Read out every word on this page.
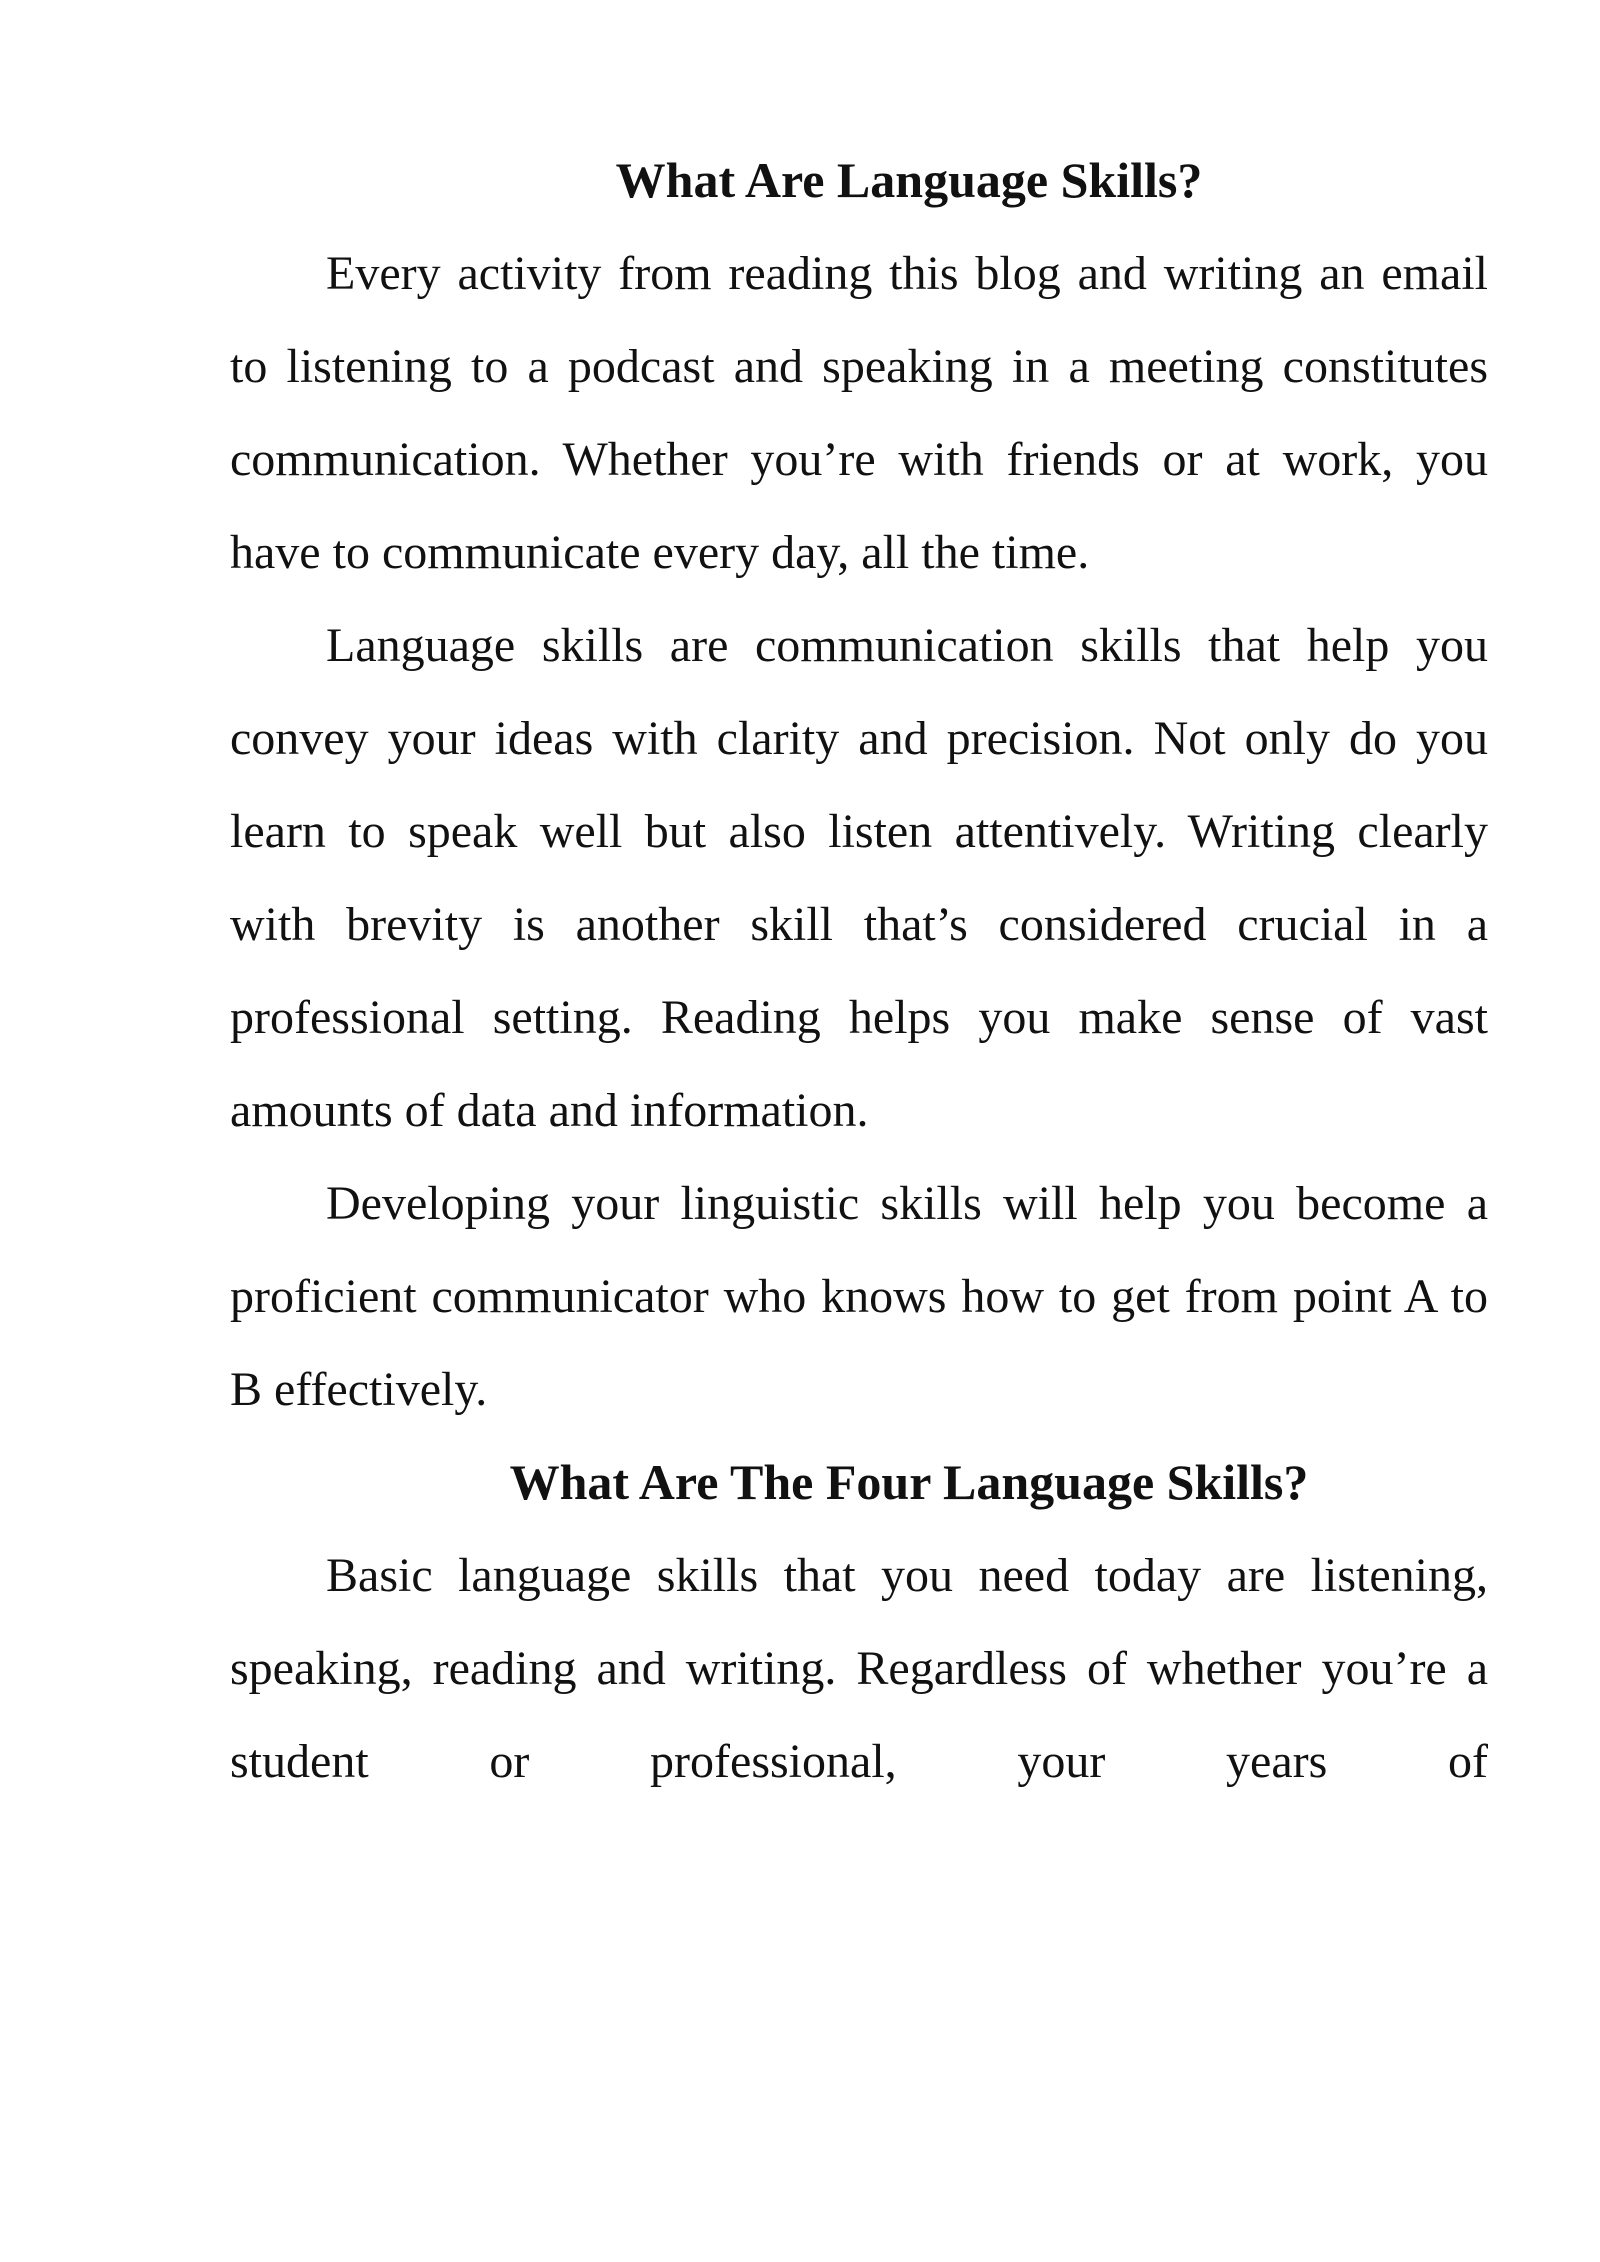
What Are Language Skills?

Every activity from reading this blog and writing an email to listening to a podcast and speaking in a meeting constitutes communication. Whether you’re with friends or at work, you have to communicate every day, all the time.

Language skills are communication skills that help you convey your ideas with clarity and precision. Not only do you learn to speak well but also listen attentively. Writing clearly with brevity is another skill that’s considered crucial in a professional setting. Reading helps you make sense of vast amounts of data and information.

Developing your linguistic skills will help you become a proficient communicator who knows how to get from point A to B effectively.

What Are The Four Language Skills?

Basic language skills that you need today are listening, speaking, reading and writing. Regardless of whether you’re a student or professional, your years of
